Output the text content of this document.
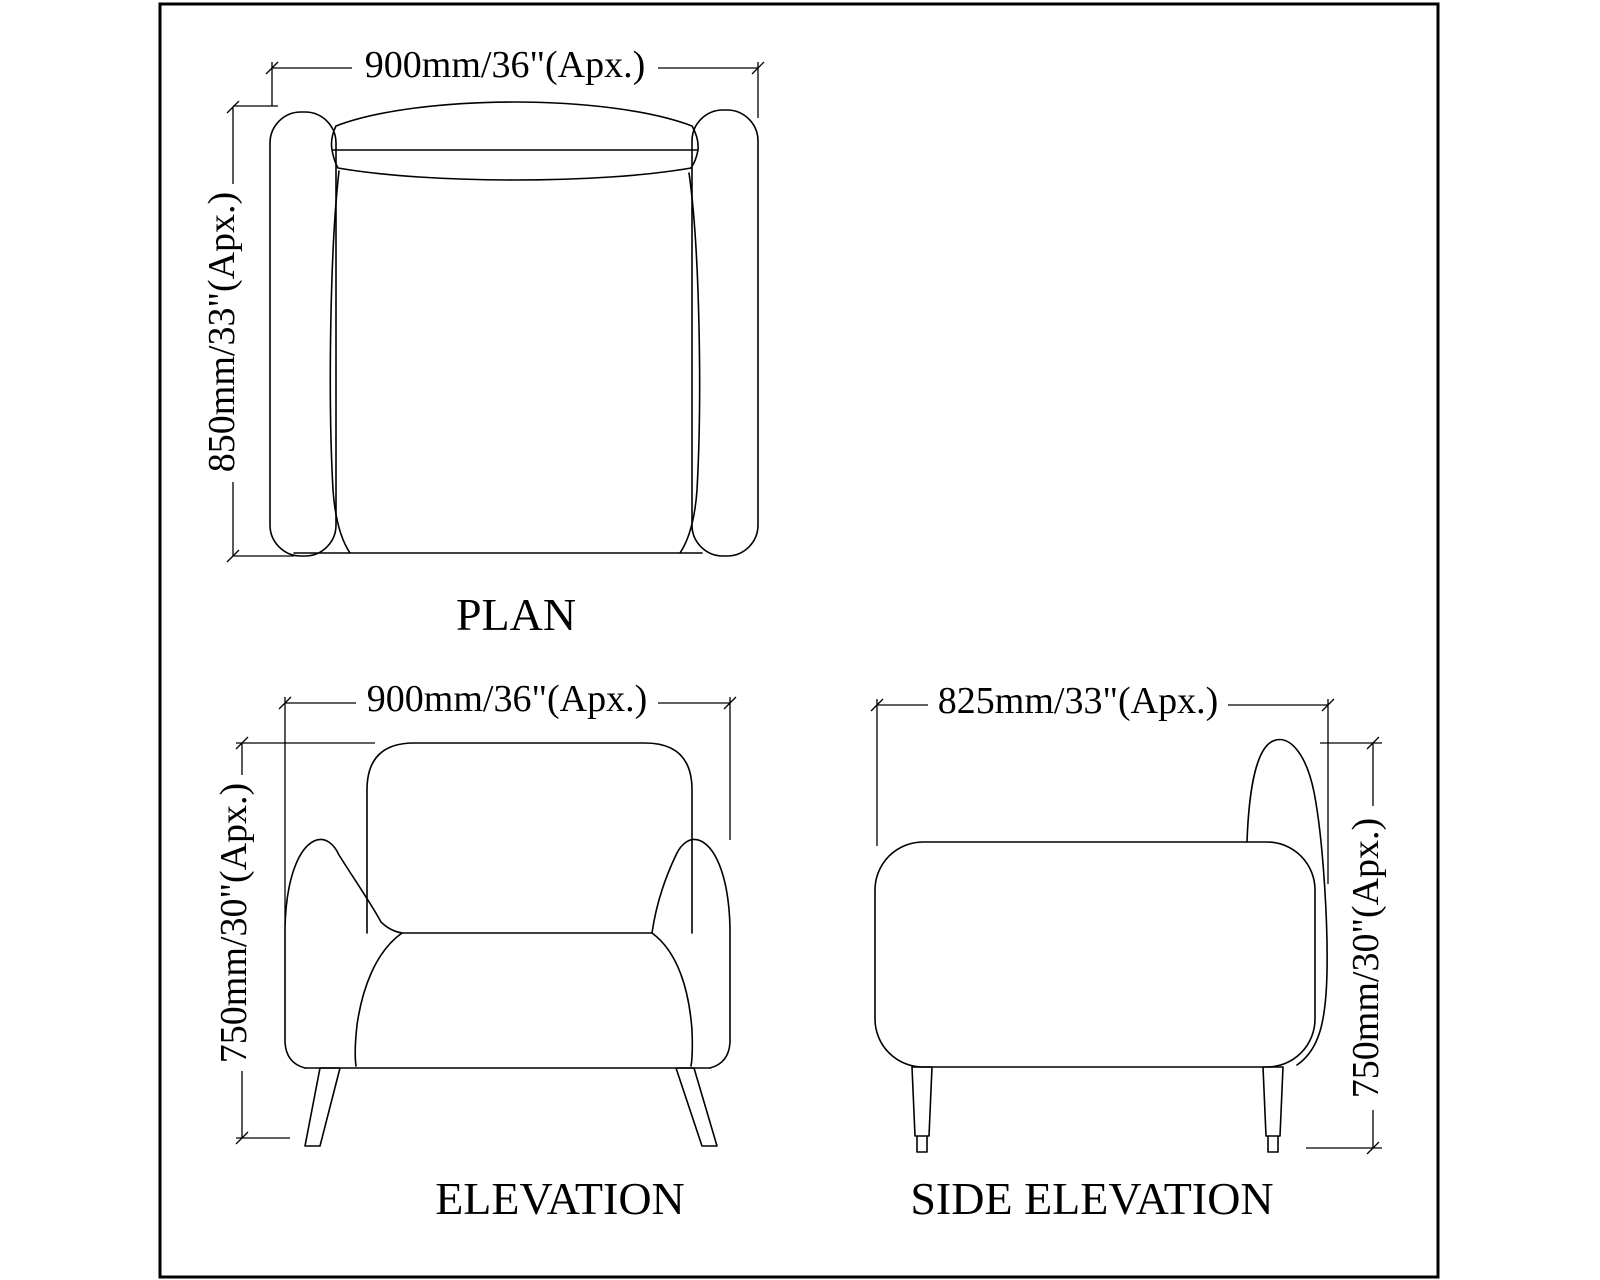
900mm/36"(Apx.)
850mm/33"(Apx.)
PLAN
900mm/36"(Apx.)
750mm/30"(Apx.)
ELEVATION
825mm/33"(Apx.)
750mm/30"(Apx.)
SIDE ELEVATION
